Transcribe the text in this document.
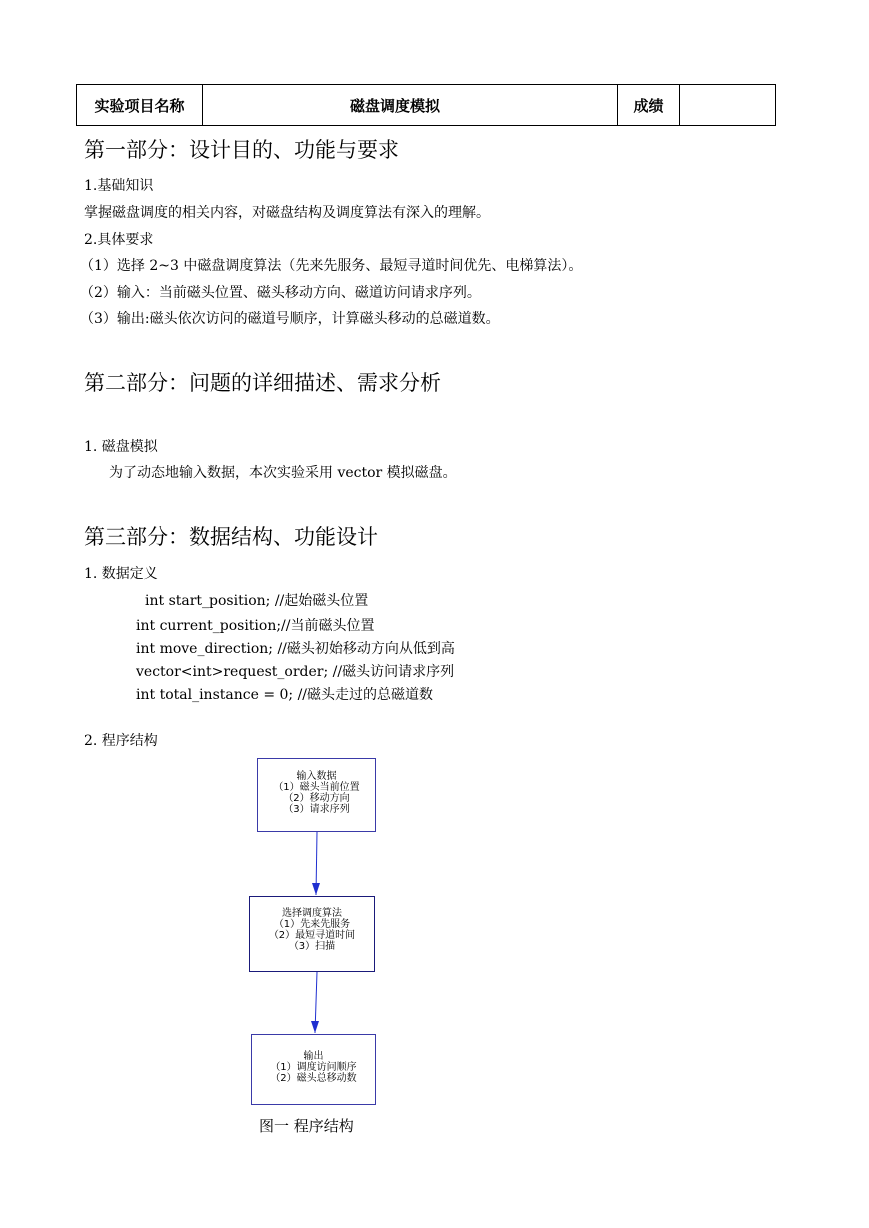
实验项目名称	磁盘调度模拟	成绩	
第一部分：设计目的、功能与要求
1.基础知识
掌握磁盘调度的相关内容，对磁盘结构及调度算法有深入的理解。
2.具体要求
（1）选择 2~3 中磁盘调度算法（先来先服务、最短寻道时间优先、电梯算法）。
（2）输入：当前磁头位置、磁头移动方向、磁道访问请求序列。
（3）输出:磁头依次访问的磁道号顺序，计算磁头移动的总磁道数。
第二部分：问题的详细描述、需求分析
1. 磁盘模拟
为了动态地输入数据，本次实验采用 vector 模拟磁盘。
第三部分：数据结构、功能设计
1. 数据定义
int start_position; //起始磁头位置
int current_position;//当前磁头位置
int move_direction; //磁头初始移动方向从低到高
vector<int>request_order; //磁头访问请求序列
int total_instance = 0; //磁头走过的总磁道数
2. 程序结构
输入数据
（1）磁头当前位置
（2）移动方向
（3）请求序列
选择调度算法
（1）先来先服务
（2）最短寻道时间
（3）扫描
输出
（1）调度访问顺序
（2）磁头总移动数
图一 程序结构
